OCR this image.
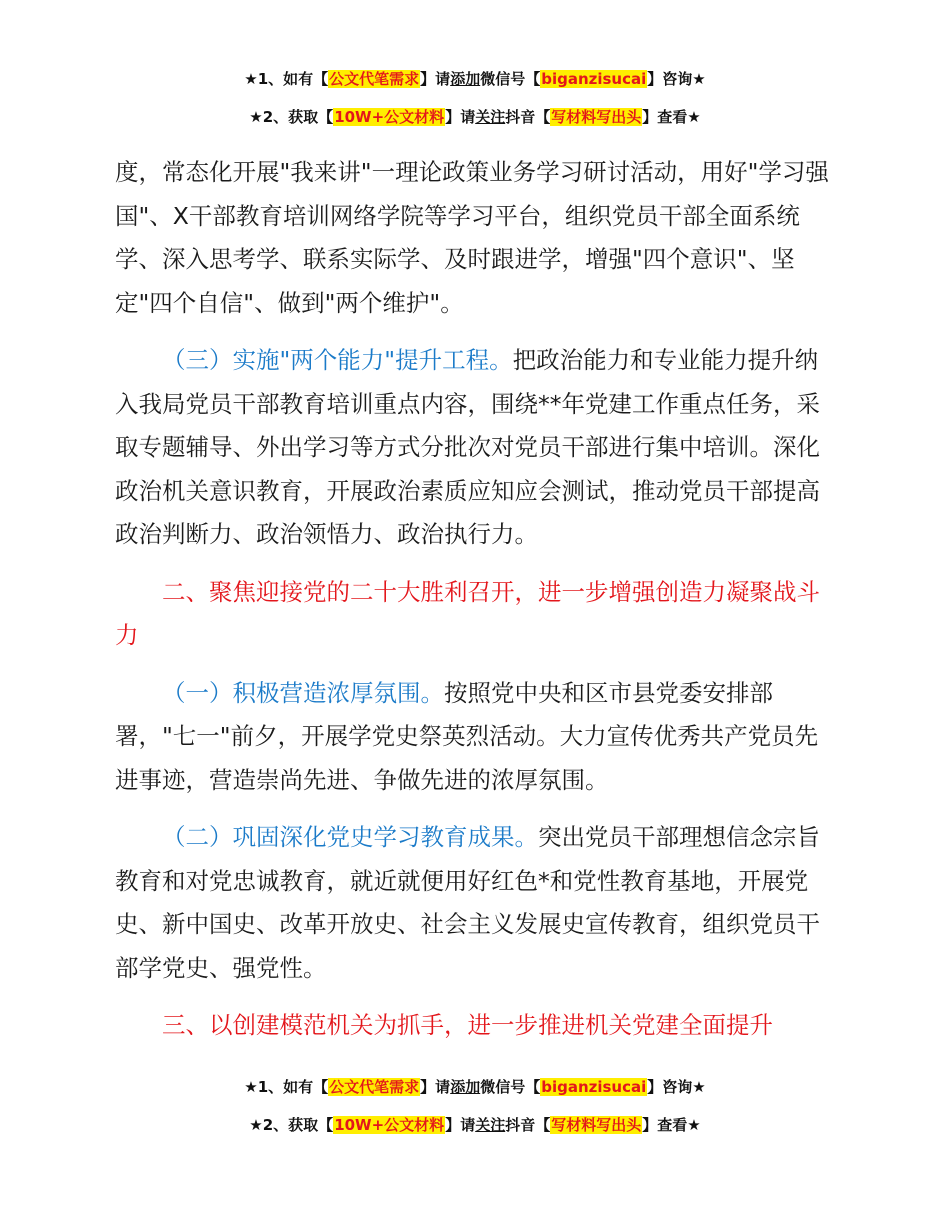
★1、如有【公文代笔需求】请添加微信号【biganzisucai】咨询★
★2、获取【10W+公文材料】请关注抖音【写材料写出头】查看★

度，常态化开展"我来讲"一理论政策业务学习研讨活动，用好"学习强国"、X干部教育培训网络学院等学习平台，组织党员干部全面系统学、深入思考学、联系实际学、及时跟进学，增强"四个意识"、坚定"四个自信"、做到"两个维护"。

（三）实施"两个能力"提升工程。把政治能力和专业能力提升纳入我局党员干部教育培训重点内容，围绕**年党建工作重点任务，采取专题辅导、外出学习等方式分批次对党员干部进行集中培训。深化政治机关意识教育，开展政治素质应知应会测试，推动党员干部提高政治判断力、政治领悟力、政治执行力。

二、聚焦迎接党的二十大胜利召开，进一步增强创造力凝聚战斗力

（一）积极营造浓厚氛围。按照党中央和区市县党委安排部署，"七一"前夕，开展学党史祭英烈活动。大力宣传优秀共产党员先进事迹，营造崇尚先进、争做先进的浓厚氛围。

（二）巩固深化党史学习教育成果。突出党员干部理想信念宗旨教育和对党忠诚教育，就近就便用好红色*和党性教育基地，开展党史、新中国史、改革开放史、社会主义发展史宣传教育，组织党员干部学党史、强党性。

三、以创建模范机关为抓手，进一步推进机关党建全面提升

★1、如有【公文代笔需求】请添加微信号【biganzisucai】咨询★
★2、获取【10W+公文材料】请关注抖音【写材料写出头】查看★
